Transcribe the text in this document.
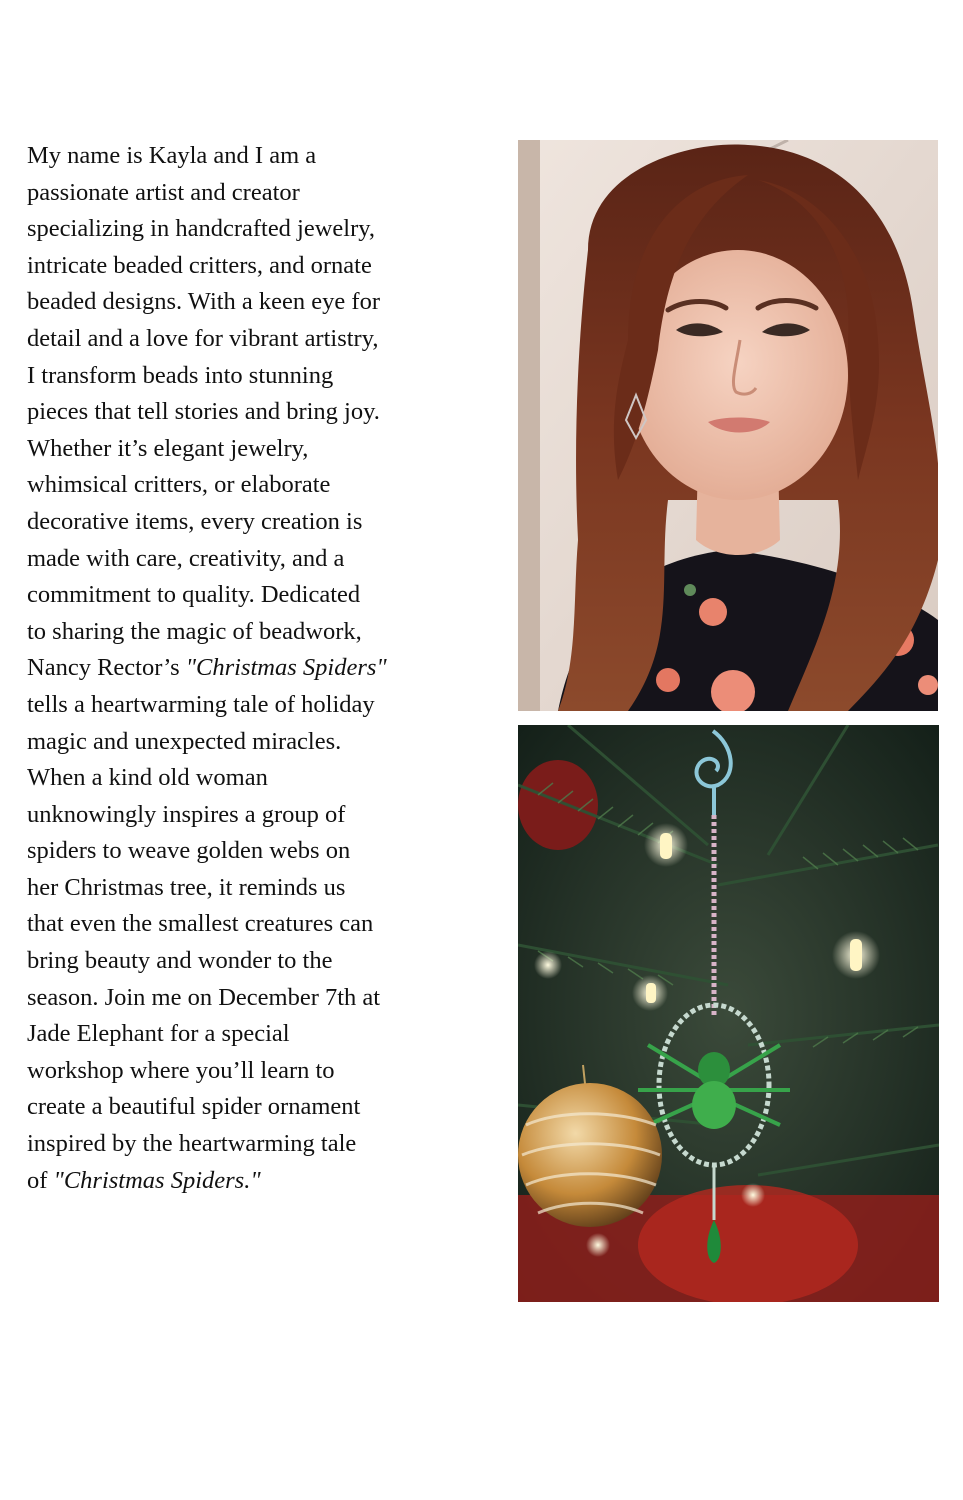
My name is Kayla and I am a
passionate artist and creator
specializing in handcrafted jewelry,
intricate beaded critters, and ornate
beaded designs. With a keen eye for
detail and a love for vibrant artistry,
I transform beads into stunning
pieces that tell stories and bring joy.
Whether it’s elegant jewelry,
whimsical critters, or elaborate
decorative items, every creation is
made with care, creativity, and a
commitment to quality. Dedicated
to sharing the magic of beadwork,
Nancy Rector’s "Christmas Spiders"
tells a heartwarming tale of holiday
magic and unexpected miracles.
When a kind old woman
unknowingly inspires a group of
spiders to weave golden webs on
her Christmas tree, it reminds us
that even the smallest creatures can
bring beauty and wonder to the
season. Join me on December 7th at
Jade Elephant for a special
workshop where you’ll learn to
create a beautiful spider ornament
inspired by the heartwarming tale
of "Christmas Spiders."
